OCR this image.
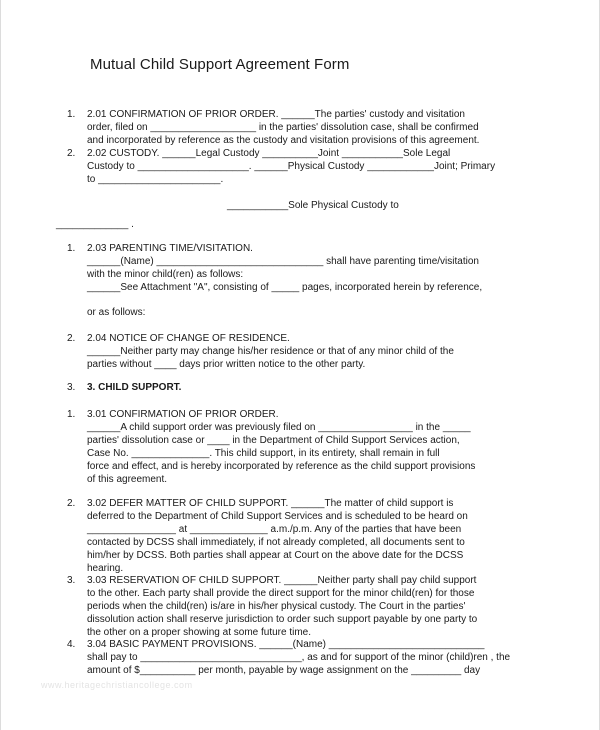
Mutual Child Support Agreement Form
1.	2.01 CONFIRMATION OF PRIOR ORDER. ______The parties' custody and visitation
order, filed on ___________________ in the parties' dissolution case, shall be confirmed
and incorporated by reference as the custody and visitation provisions of this agreement.
2.	2.02 CUSTODY. ______Legal Custody __________Joint ___________Sole Legal
Custody to ____________________. ______Physical Custody ____________Joint; Primary
to ______________________.
___________Sole Physical Custody to
_____________ .
1.	2.03 PARENTING TIME/VISITATION.
______(Name) ______________________________ shall have parenting time/visitation
with the minor child(ren) as follows:
______See Attachment "A", consisting of _____ pages, incorporated herein by reference,
or as follows:
2.	2.04 NOTICE OF CHANGE OF RESIDENCE.
______Neither party may change his/her residence or that of any minor child of the
parties without ____ days prior written notice to the other party.
3.	3. CHILD SUPPORT.
1.	3.01 CONFIRMATION OF PRIOR ORDER.
______A child support order was previously filed on _________________ in the _____
parties' dissolution case or ____ in the Department of Child Support Services action,
Case No. ______________. This child support, in its entirety, shall remain in full
force and effect, and is hereby incorporated by reference as the child support provisions
of this agreement.
2.	3.02 DEFER MATTER OF CHILD SUPPORT. ______The matter of child support is
deferred to the Department of Child Support Services and is scheduled to be heard on
________________ at ______________ a.m./p.m. Any of the parties that have been
contacted by DCSS shall immediately, if not already completed, all documents sent to
him/her by DCSS. Both parties shall appear at Court on the above date for the DCSS
hearing.
3.	3.03 RESERVATION OF CHILD SUPPORT. ______Neither party shall pay child support
to the other. Each party shall provide the direct support for the minor child(ren) for those
periods when the child(ren) is/are in his/her physical custody. The Court in the parties'
dissolution action shall reserve jurisdiction to order such support payable by one party to
the other on a proper showing at some future time.
4.	3.04 BASIC PAYMENT PROVISIONS. ______(Name) ____________________________
shall pay to _____________________________, as and for support of the minor (child)ren , the
amount of $__________ per month, payable by wage assignment on the _________ day
www.heritagechristiancollege.com
